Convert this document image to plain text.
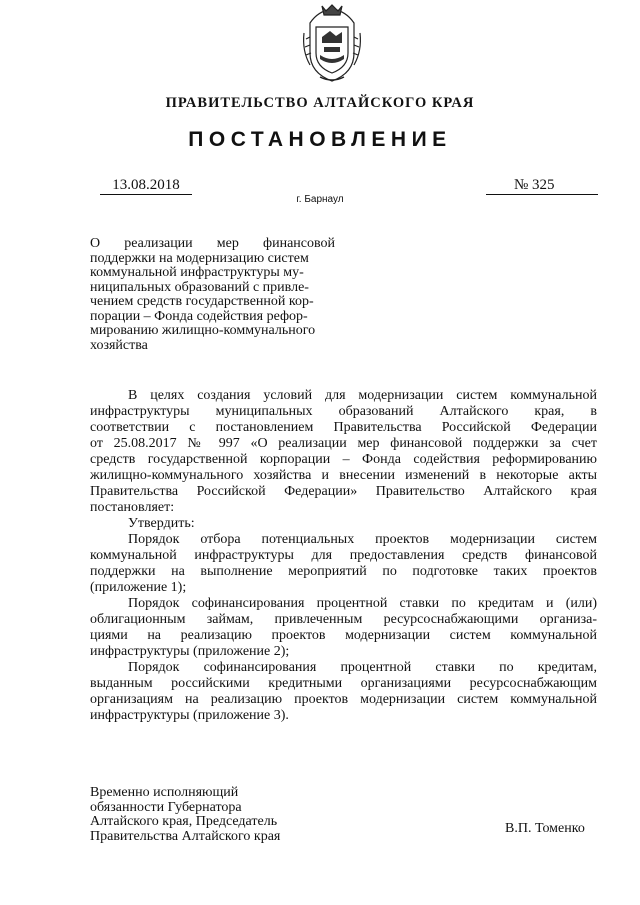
ПРАВИТЕЛЬСТВО АЛТАЙСКОГО КРАЯ
ПОСТАНОВЛЕНИЕ
13.08.2018	№ 325
г. Барнаул
О реализации мер финансовой
поддержки на модернизацию систем
коммунальной инфраструктуры му-
ниципальных образований с привле-
чением средств государственной кор-
порации – Фонда содействия рефор-
мированию жилищно-коммунального
хозяйства
В целях создания условий для модернизации систем коммунальной
инфраструктуры муниципальных образований Алтайского края, в
соответствии с постановлением Правительства Российской Федерации
от 25.08.2017 № 997 «О реализации мер финансовой поддержки за счет
средств государственной корпорации – Фонда содействия реформированию
жилищно-коммунального хозяйства и внесении изменений в некоторые акты
Правительства Российской Федерации» Правительство Алтайского края
постановляет:
Утвердить:
Порядок отбора потенциальных проектов модернизации систем
коммунальной инфраструктуры для предоставления средств финансовой
поддержки на выполнение мероприятий по подготовке таких проектов
(приложение 1);
Порядок софинансирования процентной ставки по кредитам и (или)
облигационным займам, привлеченным ресурсоснабжающими организа-
циями на реализацию проектов модернизации систем коммунальной
инфраструктуры (приложение 2);
Порядок софинансирования процентной ставки по кредитам,
выданным российскими кредитными организациями ресурсоснабжающим
организациям на реализацию проектов модернизации систем коммунальной
инфраструктуры (приложение 3).
Временно исполняющий
обязанности Губернатора
Алтайского края, Председатель
Правительства Алтайского края	В.П. Томенко
